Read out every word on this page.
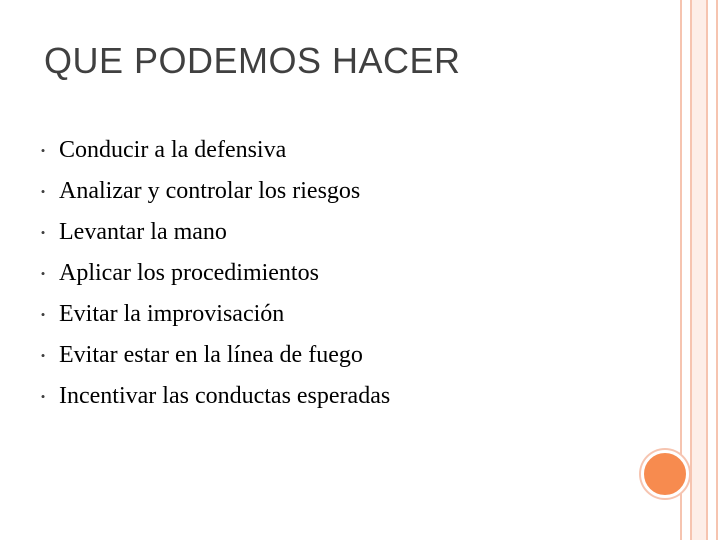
QUE PODEMOS HACER
• Conducir a la defensiva
• Analizar y controlar los riesgos
• Levantar la mano
• Aplicar los procedimientos
• Evitar la improvisación
• Evitar estar en la línea de fuego
• Incentivar las conductas esperadas
